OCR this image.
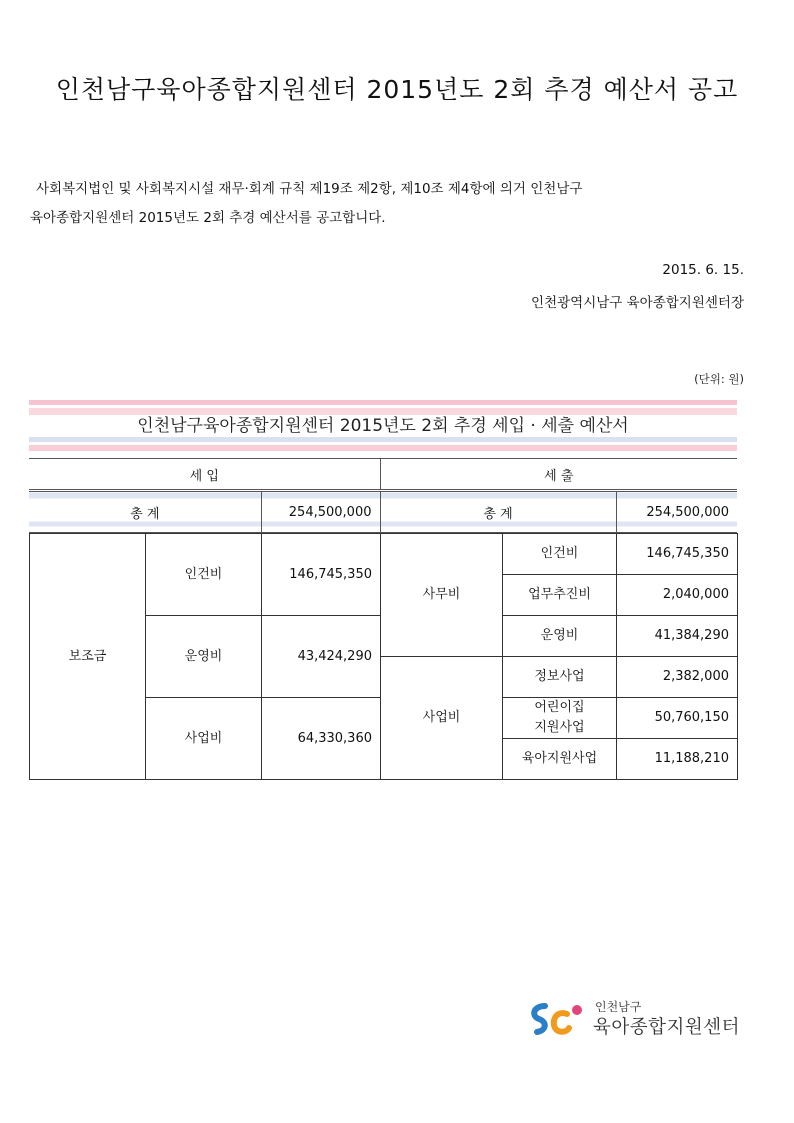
인천남구육아종합지원센터 2015년도 2회 추경 예산서 공고
사회복지법인 및 사회복지시설 재무·회계 규칙 제19조 제2항, 제10조 제4항에 의거 인천남구
육아종합지원센터 2015년도 2회 추경 예산서를 공고합니다.
2015. 6. 15.
인천광역시남구 육아종합지원센터장
(단위: 원)
인천남구육아종합지원센터 2015년도 2회 추경 세입 · 세출 예산서
세 입		세 출	
총 계	254,500,000	총 계	254,500,000
보조금	인건비	146,745,350	사무비	인건비	146,745,350
				업무추진비	2,040,000
	운영비	43,424,290		운영비	41,384,290
			사업비	정보사업	2,382,000
	사업비	64,330,360		어린이집
지원사업	50,760,150
				육아지원사업	11,188,210
인천남구
육아종합지원센터
